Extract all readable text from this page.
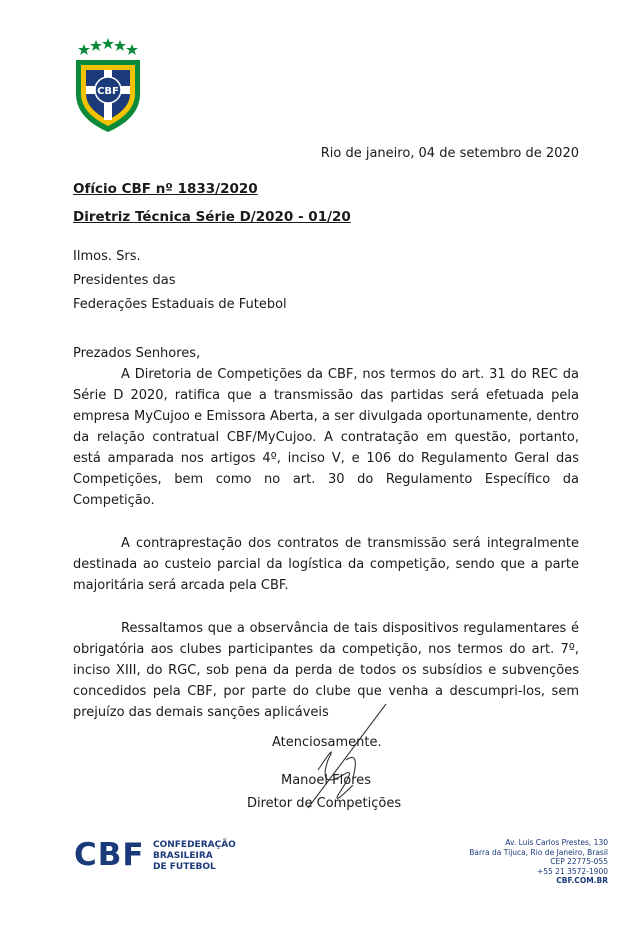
CBF
Rio de janeiro, 04 de setembro de 2020
Ofício CBF nº 1833/2020
Diretriz Técnica Série D/2020 - 01/20
Ilmos. Srs.
Presidentes das
Federações Estaduais de Futebol

Prezados Senhores,

A Diretoria de Competições da CBF, nos termos do art. 31 do REC da Série D 2020, ratifica que a transmissão das partidas será efetuada pela empresa MyCujoo e Emissora Aberta, a ser divulgada oportunamente, dentro da relação contratual CBF/MyCujoo. A contratação em questão, portanto, está amparada nos artigos 4º, inciso V, e 106 do Regulamento Geral das Competições, bem como no art. 30 do Regulamento Específico da Competição.

A contraprestação dos contratos de transmissão será integralmente destinada ao custeio parcial da logística da competição, sendo que a parte majoritária será arcada pela CBF.

Ressaltamos que a observância de tais dispositivos regulamentares é obrigatória aos clubes participantes da competição, nos termos do art. 7º, inciso XIII, do RGC, sob pena da perda de todos os subsídios e subvenções concedidos pela CBF, por parte do clube que venha a descumpri-los, sem prejuízo das demais sanções aplicáveis

Atenciosamente.
Manoel Flores
Diretor de Competições
CBF CONFEDERAÇÃO
BRASILEIRA
DE FUTEBOL
Av. Luis Carlos Prestes, 130
Barra da Tijuca, Rio de Janeiro, Brasil
CEP 22775-055
+55 21 3572-1900
CBF.COM.BR
